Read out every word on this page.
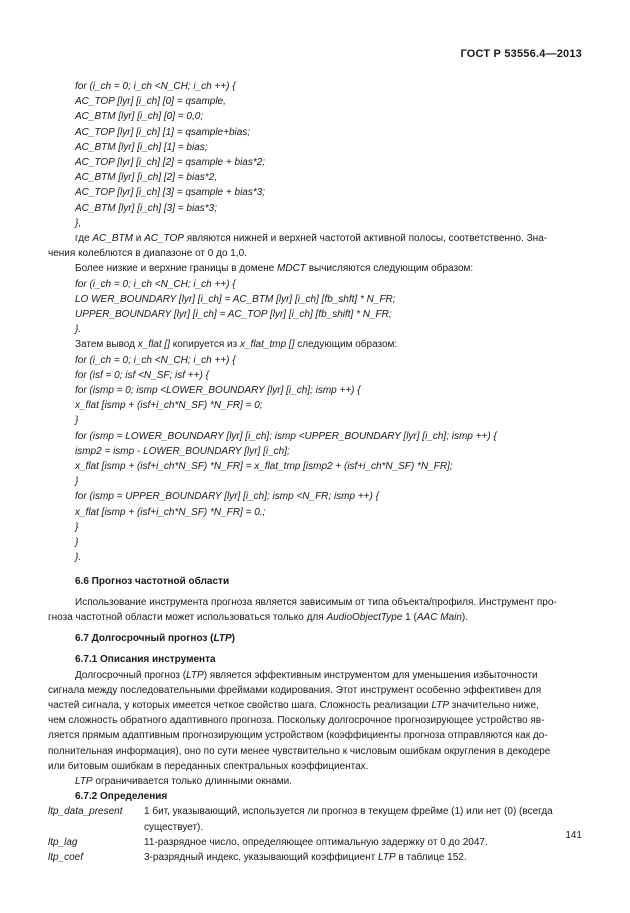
ГОСТ Р 53556.4—2013
for (i_ch = 0; i_ch <N_CH; i_ch ++) {
AC_TOP [lyr] [i_ch] [0] = qsample,
AC_BTM [lyr] [i_ch] [0] = 0,0;
AC_TOP [lyr] [i_ch] [1] = qsample+bias;
AC_BTM [lyr] [i_ch] [1] = bias;
AC_TOP [lyr] [i_ch] [2] = qsample + bias*2;
AC_BTM [lyr] [i_ch] [2] = bias*2,
AC_TOP [lyr] [i_ch] [3] = qsample + bias*3;
AC_BTM [lyr] [i_ch] [3] = bias*3;
},
где AC_BTM и AC_TOP являются нижней и верхней частотой активной полосы, соответственно. Зна-
чения колеблются в диапазоне от 0 до 1,0.
Более низкие и верхние границы в домене MDCT вычисляются следующим образом:
for (i_ch = 0; i_ch <N_CH; i_ch ++) {
LO WER_BOUNDARY [lyr] [i_ch] = AC_BTM [lyr] [i_ch] [fb_shft] * N_FR;
UPPER_BOUNDARY [lyr] [i_ch] = AC_TOP [lyr] [i_ch] [fb_shift] * N_FR;
}.
Затем вывод x_flat [] копируется из x_flat_tmp [] следующим образом:
for (i_ch = 0; i_ch <N_CH; i_ch ++) {
for (isf = 0; isf <N_SF; isf ++) {
for (ismp = 0; ismp <LOWER_BOUNDARY [lyr] [i_ch]; ismp ++) {
x_flat [ismp + (isf+i_ch*N_SF) *N_FR] = 0;
}
for (ismp = LOWER_BOUNDARY [lyr] [i_ch]; ismp <UPPER_BOUNDARY [lyr] [i_ch]; ismp ++) {
ismp2 = ismp - LOWER_BOUNDARY [lyr] [i_ch];
x_flat [ismp + (isf+i_ch*N_SF) *N_FR] = x_flat_tmp [ismp2 + (isf+i_ch*N_SF) *N_FR];
}
for (ismp = UPPER_BOUNDARY [lyr] [i_ch]; ismp <N_FR; ismp ++) {
x_flat [ismp + (isf+i_ch*N_SF) *N_FR] = 0.;
}
}
}.
6.6 Прогноз частотной области
Использование инструмента прогноза является зависимым от типа объекта/профиля. Инструмент про-
гноза частотной области может использоваться только для AudioObjectType 1 (AAC Main).
6.7 Долгосрочный прогноз (LTP)
6.7.1 Описания инструмента
Долгосрочный прогноз (LTP) является эффективным инструментом для уменьшения избыточности
сигнала между последовательными фреймами кодирования. Этот инструмент особенно эффективен для
частей сигнала, у которых имеется четкое свойство шага. Сложность реализации LTP значительно ниже,
чем сложность обратного адаптивного прогноза. Поскольку долгосрочное прогнозирующее устройство яв-
ляется прямым адаптивным прогнозирующим устройством (коэффициенты прогноза отправляются как до-
полнительная информация), оно по сути менее чувствительно к числовым ошибкам округления в декодере
или битовым ошибкам в переданных спектральных коэффициентах.
LTP ограничивается только длинными окнами.
6.7.2 Определения
ltp_data_present	1 бит, указывающий, используется ли прогноз в текущем фрейме (1) или нет (0) (всегда
существует).
ltp_lag	11-разрядное число, определяющее оптимальную задержку от 0 до 2047.
ltp_coef	3-разрядный индекс, указывающий коэффициент LTP в таблице 152.
141
